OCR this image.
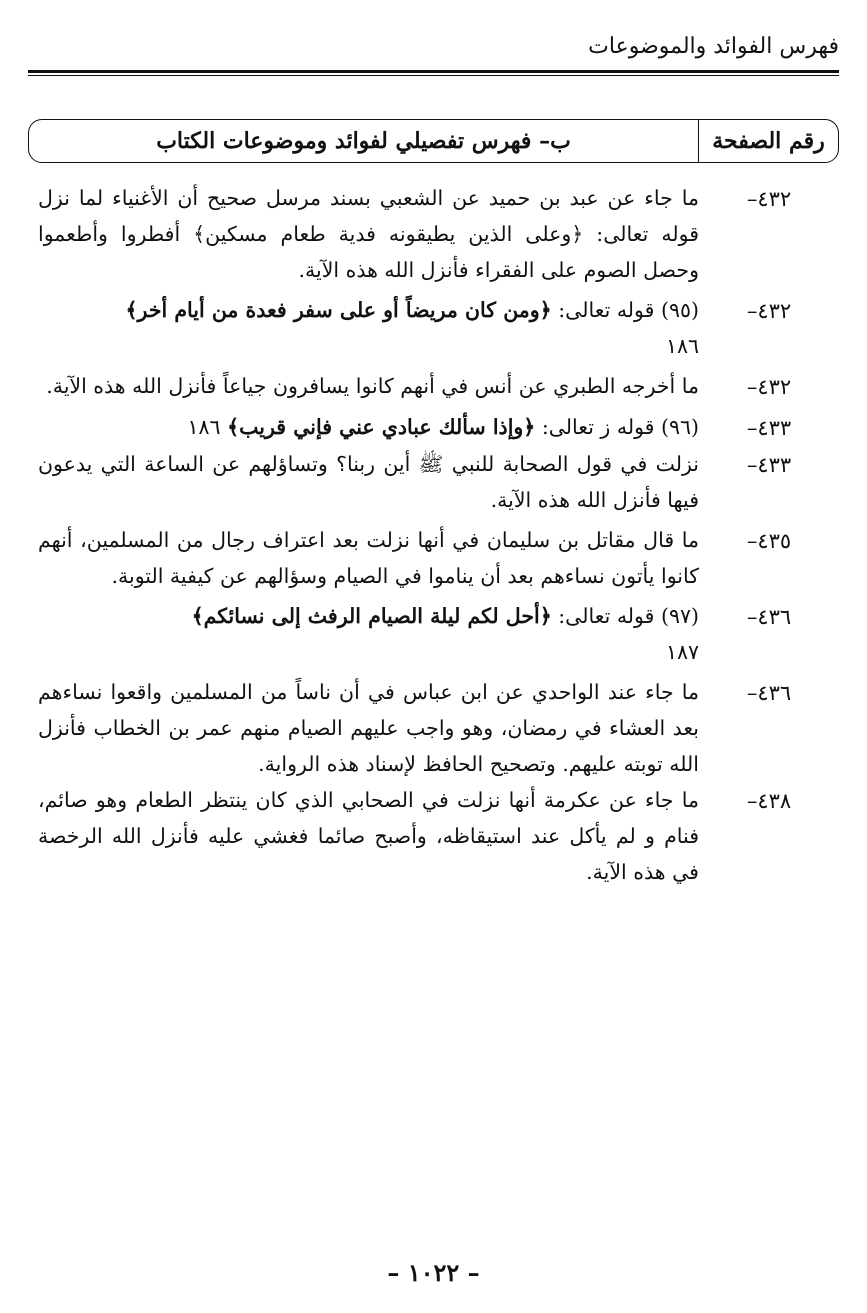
فهرس الفوائد والموضوعات
رقم الصفحة
ب– فهرس تفصيلي لفوائد وموضوعات الكتاب
٤٣٢–
ما جاء عن عبد بن حميد عن الشعبي بسند مرسل صحيح أن الأغنياء لما نزل قوله تعالى: ﴿وعلى الذين يطيقونه فدية طعام مسكين﴾ أفطروا وأطعموا وحصل الصوم على الفقراء فأنزل الله هذه الآية.
٤٣٢–
(٩٥) قوله تعالى: ﴿ومن كان مريضاً أو على سفر فعدة من أيام أخر﴾
١٨٦
٤٣٢–
ما أخرجه الطبري عن أنس في أنهم كانوا يسافرون جياعاً فأنزل الله هذه الآية.
٤٣٣–
(٩٦) قوله ز تعالى: ﴿وإذا سألك عبادي عني فإني قريب﴾ ١٨٦
٤٣٣–
نزلت في قول الصحابة للنبي ﷺ أين ربنا؟ وتساؤلهم عن الساعة التي يدعون فيها فأنزل الله هذه الآية.
٤٣٥–
ما قال مقاتل بن سليمان في أنها نزلت بعد اعتراف رجال من المسلمين، أنهم كانوا يأتون نساءهم بعد أن يناموا في الصيام وسؤالهم عن كيفية التوبة.
٤٣٦–
(٩٧) قوله تعالى: ﴿أحل لكم ليلة الصيام الرفث إلى نسائكم﴾
١٨٧
٤٣٦–
ما جاء عند الواحدي عن ابن عباس في أن ناساً من المسلمين واقعوا نساءهم بعد العشاء في رمضان، وهو واجب عليهم الصيام منهم عمر بن الخطاب فأنزل الله توبته عليهم. وتصحيح الحافظ لإسناد هذه الرواية.
٤٣٨–
ما جاء عن عكرمة أنها نزلت في الصحابي الذي كان ينتظر الطعام وهو صائم، فنام و لم يأكل عند استيقاظه، وأصبح صائما فغشي عليه فأنزل الله الرخصة في هذه الآية.
– ١٠٢٢ –
